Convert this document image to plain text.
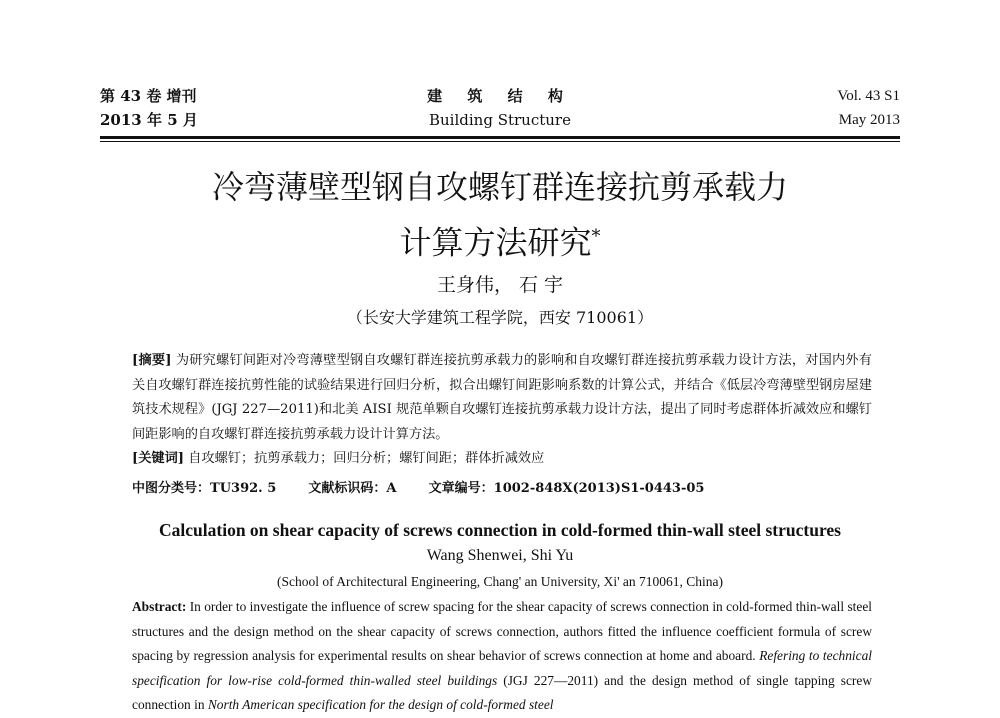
第 43 卷 增刊
2013 年 5 月
建 筑 结 构
Building Structure
Vol. 43 S1
May 2013
冷弯薄壁型钢自攻螺钉群连接抗剪承载力
计算方法研究*
王身伟， 石 宇
（长安大学建筑工程学院，西安 710061）
[摘要] 为研究螺钉间距对冷弯薄壁型钢自攻螺钉群连接抗剪承载力的影响和自攻螺钉群连接抗剪承载力设计方法，对国内外有关自攻螺钉群连接抗剪性能的试验结果进行回归分析，拟合出螺钉间距影响系数的计算公式，并结合《低层冷弯薄壁型钢房屋建筑技术规程》(JGJ 227—2011)和北美 AISI 规范单颗自攻螺钉连接抗剪承载力设计方法，提出了同时考虑群体折减效应和螺钉间距影响的自攻螺钉群连接抗剪承载力设计计算方法。
[关键词] 自攻螺钉；抗剪承载力；回归分析；螺钉间距；群体折减效应
中图分类号：TU392. 5 文献标识码：A 文章编号：1002-848X(2013)S1-0443-05
Calculation on shear capacity of screws connection in cold-formed thin-wall steel structures
Wang Shenwei, Shi Yu
(School of Architectural Engineering, Chang' an University, Xi' an 710061, China)
Abstract: In order to investigate the influence of screw spacing for the shear capacity of screws connection in cold-formed thin-wall steel structures and the design method on the shear capacity of screws connection, authors fitted the influence coefficient formula of screw spacing by regression analysis for experimental results on shear behavior of screws connection at home and aboard. Refering to technical specification for low-rise cold-formed thin-walled steel buildings (JGJ 227—2011) and the design method of single tapping screw connection in North American specification for the design of cold-formed steel
